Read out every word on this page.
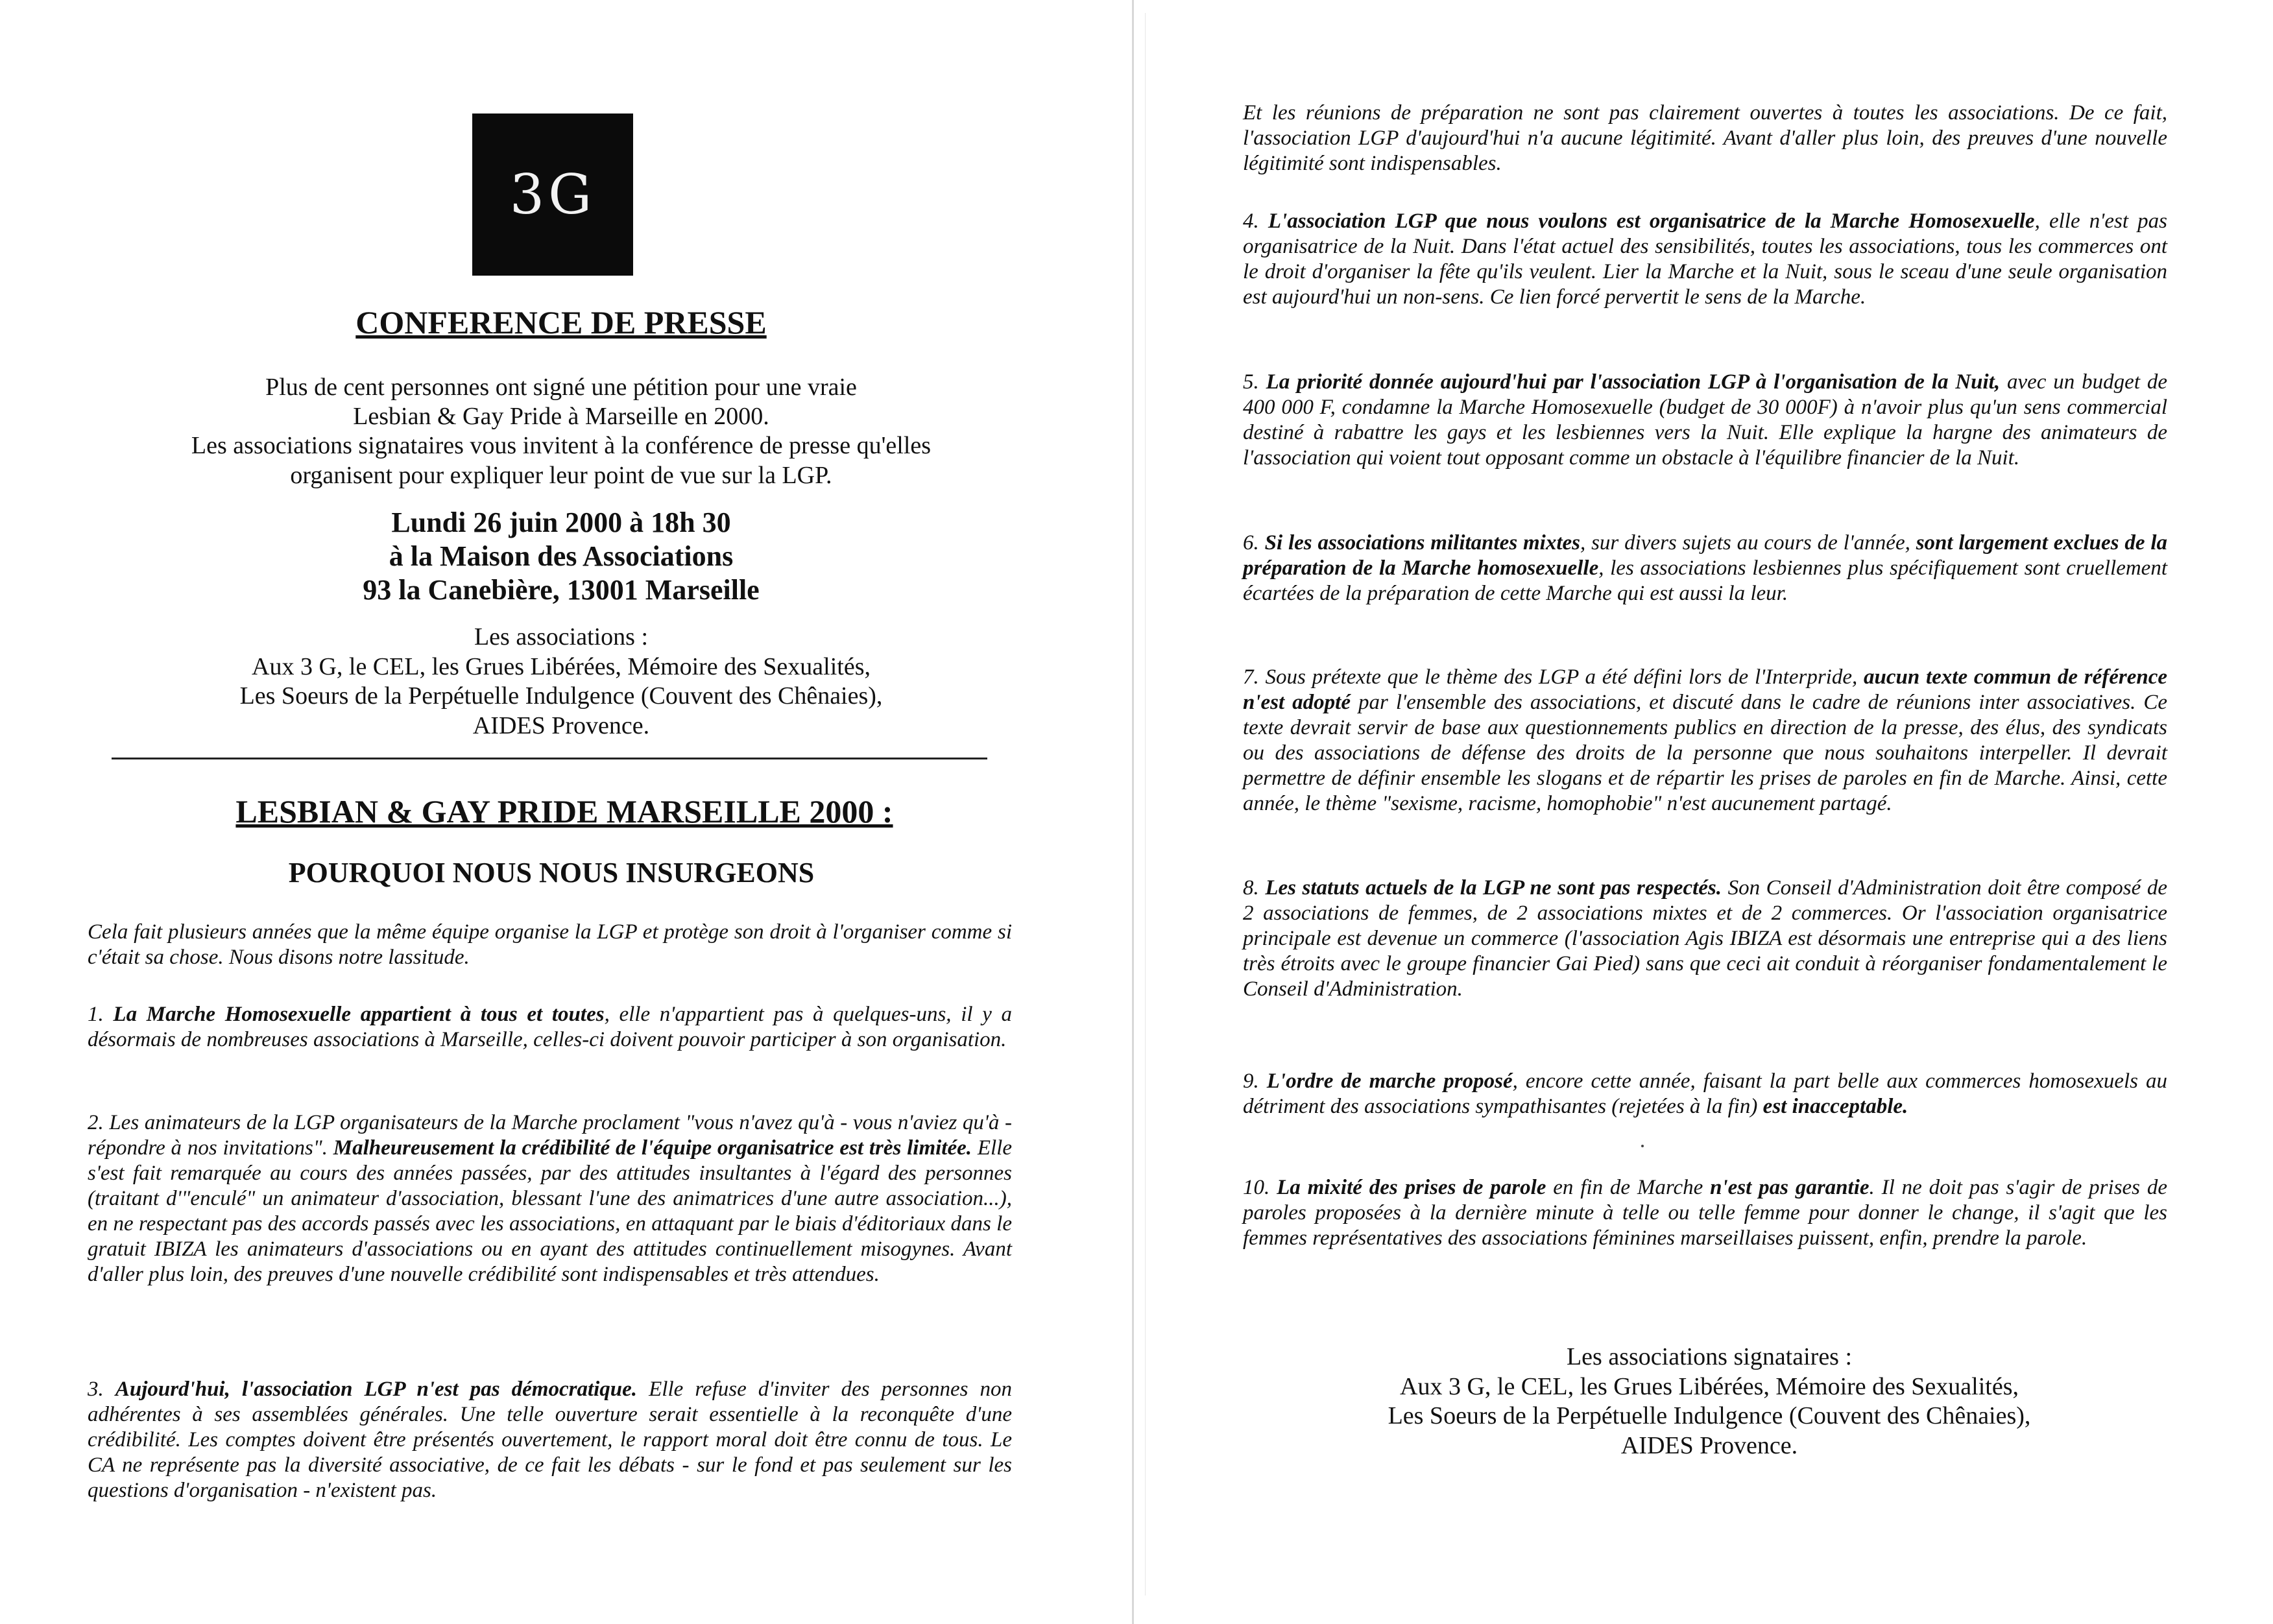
3G
CONFERENCE DE PRESSE
Plus de cent personnes ont signé une pétition pour une vraie
Lesbian & Gay Pride à Marseille en 2000.
Les associations signataires vous invitent à la conférence de presse qu'elles
organisent pour expliquer leur point de vue sur la LGP.
Lundi 26 juin 2000 à 18h 30
à la Maison des Associations
93 la Canebière, 13001 Marseille
Les associations :
Aux 3 G, le CEL, les Grues Libérées, Mémoire des Sexualités,
Les Soeurs de la Perpétuelle Indulgence (Couvent des Chênaies),
AIDES Provence.
LESBIAN & GAY PRIDE MARSEILLE 2000 :
POURQUOI NOUS NOUS INSURGEONS

Cela fait plusieurs années que la même équipe organise la LGP et protège son droit à l'organiser comme si c'était sa chose. Nous disons notre lassitude.

1. La Marche Homosexuelle appartient à tous et toutes, elle n'appartient pas à quelques-uns, il y a désormais de nombreuses associations à Marseille, celles-ci doivent pouvoir participer à son organisation.

2. Les animateurs de la LGP organisateurs de la Marche proclament "vous n'avez qu'à - vous n'aviez qu'à - répondre à nos invitations". Malheureusement la crédibilité de l'équipe organisatrice est très limitée. Elle s'est fait remarquée au cours des années passées, par des attitudes insultantes à l'égard des personnes (traitant d'"enculé" un animateur d'association, blessant l'une des animatrices d'une autre association...), en ne respectant pas des accords passés avec les associations, en attaquant par le biais d'éditoriaux dans le gratuit IBIZA les animateurs d'associations ou en ayant des attitudes continuellement misogynes. Avant d'aller plus loin, des preuves d'une nouvelle crédibilité sont indispensables et très attendues.

3. Aujourd'hui, l'association LGP n'est pas démocratique. Elle refuse d'inviter des personnes non adhérentes à ses assemblées générales. Une telle ouverture serait essentielle à la reconquête d'une crédibilité. Les comptes doivent être présentés ouvertement, le rapport moral doit être connu de tous. Le CA ne représente pas la diversité associative, de ce fait les débats - sur le fond et pas seulement sur les questions d'organisation - n'existent pas.

Et les réunions de préparation ne sont pas clairement ouvertes à toutes les associations. De ce fait, l'association LGP d'aujourd'hui n'a aucune légitimité. Avant d'aller plus loin, des preuves d'une nouvelle légitimité sont indispensables.

4. L'association LGP que nous voulons est organisatrice de la Marche Homosexuelle, elle n'est pas organisatrice de la Nuit. Dans l'état actuel des sensibilités, toutes les associations, tous les commerces ont le droit d'organiser la fête qu'ils veulent. Lier la Marche et la Nuit, sous le sceau d'une seule organisation est aujourd'hui un non-sens. Ce lien forcé pervertit le sens de la Marche.

5. La priorité donnée aujourd'hui par l'association LGP à l'organisation de la Nuit, avec un budget de 400 000 F, condamne la Marche Homosexuelle (budget de 30 000F) à n'avoir plus qu'un sens commercial destiné à rabattre les gays et les lesbiennes vers la Nuit. Elle explique la hargne des animateurs de l'association qui voient tout opposant comme un obstacle à l'équilibre financier de la Nuit.

6. Si les associations militantes mixtes, sur divers sujets au cours de l'année, sont largement exclues de la préparation de la Marche homosexuelle, les associations lesbiennes plus spécifiquement sont cruellement écartées de la préparation de cette Marche qui est aussi la leur.

7. Sous prétexte que le thème des LGP a été défini lors de l'Interpride, aucun texte commun de référence n'est adopté par l'ensemble des associations, et discuté dans le cadre de réunions inter associatives. Ce texte devrait servir de base aux questionnements publics en direction de la presse, des élus, des syndicats ou des associations de défense des droits de la personne que nous souhaitons interpeller. Il devrait permettre de définir ensemble les slogans et de répartir les prises de paroles en fin de Marche. Ainsi, cette année, le thème "sexisme, racisme, homophobie" n'est aucunement partagé.

8. Les statuts actuels de la LGP ne sont pas respectés. Son Conseil d'Administration doit être composé de 2 associations de femmes, de 2 associations mixtes et de 2 commerces. Or l'association organisatrice principale est devenue un commerce (l'association Agis IBIZA est désormais une entreprise qui a des liens très étroits avec le groupe financier Gai Pied) sans que ceci ait conduit à réorganiser fondamentalement le Conseil d'Administration.

9. L'ordre de marche proposé, encore cette année, faisant la part belle aux commerces homosexuels au détriment des associations sympathisantes (rejetées à la fin) est inacceptable.

10. La mixité des prises de parole en fin de Marche n'est pas garantie. Il ne doit pas s'agir de prises de paroles proposées à la dernière minute à telle ou telle femme pour donner le change, il s'agit que les femmes représentatives des associations féminines marseillaises puissent, enfin, prendre la parole.

Les associations signataires :
Aux 3 G, le CEL, les Grues Libérées, Mémoire des Sexualités,
Les Soeurs de la Perpétuelle Indulgence (Couvent des Chênaies),
AIDES Provence.
